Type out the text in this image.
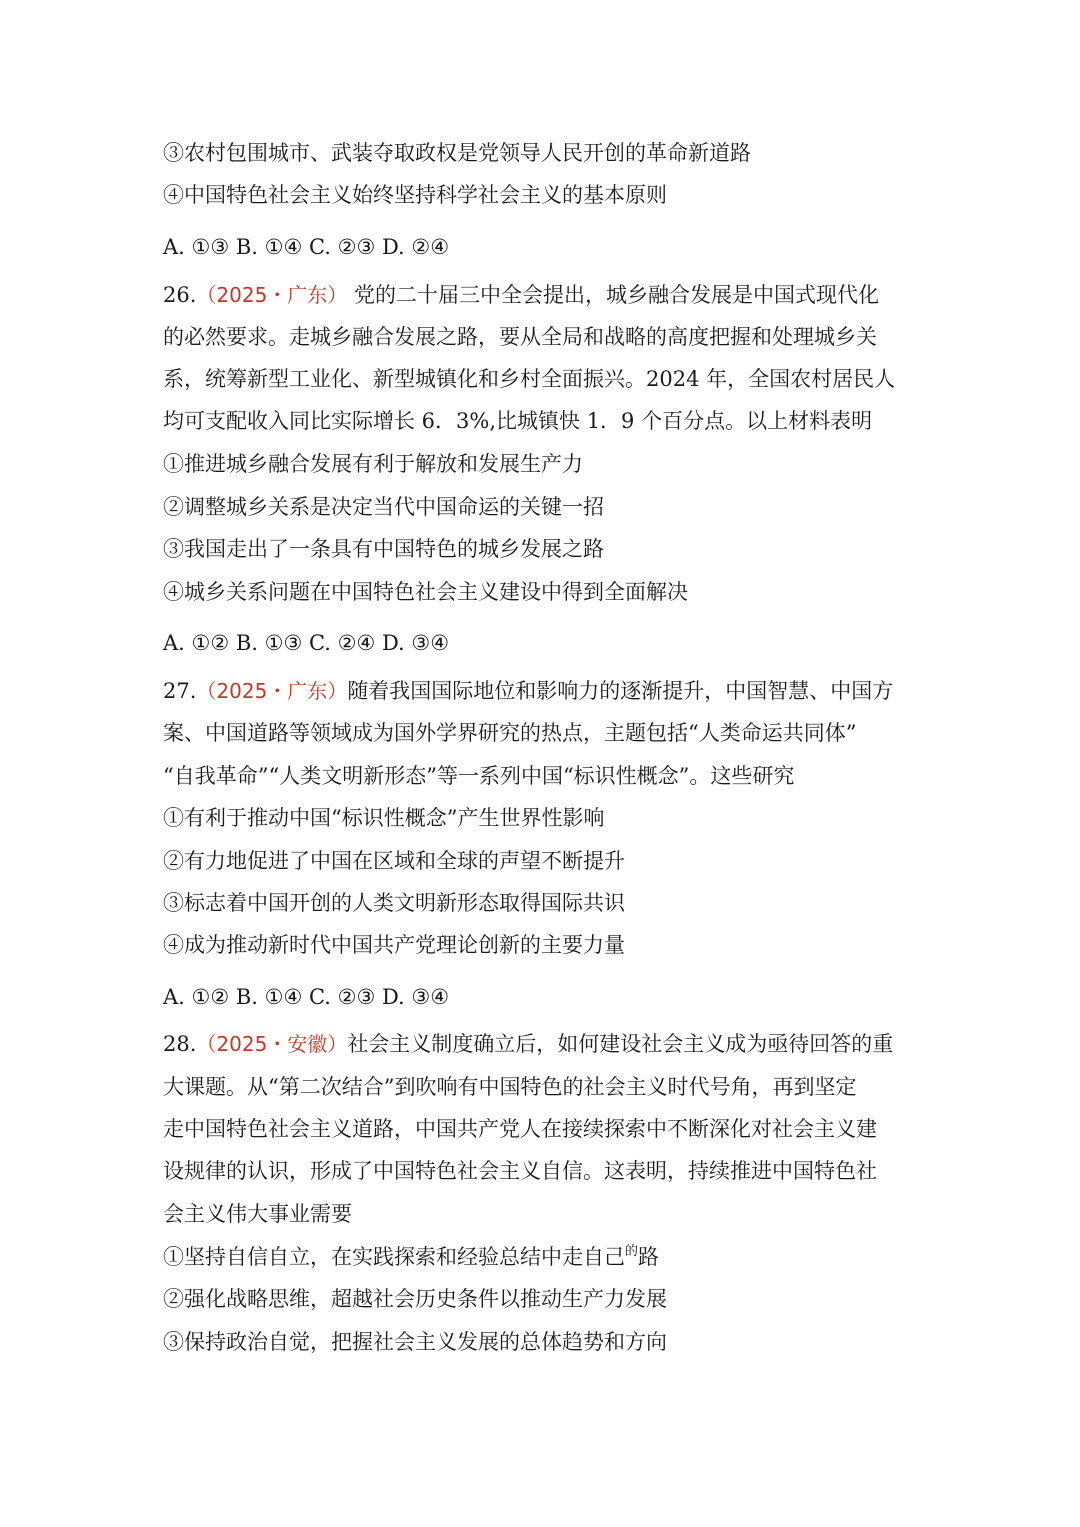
③农村包围城市、武装夺取政权是党领导人民开创的革命新道路
④中国特色社会主义始终坚持科学社会主义的基本原则
A. ①③ B. ①④ C. ②③ D. ②④
26.（2025・广东） 党的二十届三中全会提出，城乡融合发展是中国式现代化
的必然要求。走城乡融合发展之路，要从全局和战略的高度把握和处理城乡关
系，统筹新型工业化、新型城镇化和乡村全面振兴。2024 年，全国农村居民人
均可支配收入同比实际增长 6．3%,比城镇快 1．9 个百分点。以上材料表明
①推进城乡融合发展有利于解放和发展生产力
②调整城乡关系是决定当代中国命运的关键一招
③我国走出了一条具有中国特色的城乡发展之路
④城乡关系问题在中国特色社会主义建设中得到全面解决
A. ①② B. ①③ C. ②④ D. ③④
27.（2025・广东）随着我国国际地位和影响力的逐渐提升，中国智慧、中国方
案、中国道路等领域成为国外学界研究的热点，主题包括“人类命运共同体”
“自我革命”“人类文明新形态”等一系列中国“标识性概念”。这些研究
①有利于推动中国“标识性概念”产生世界性影响
②有力地促进了中国在区域和全球的声望不断提升
③标志着中国开创的人类文明新形态取得国际共识
④成为推动新时代中国共产党理论创新的主要力量
A. ①② B. ①④ C. ②③ D. ③④
28.（2025・安徽）社会主义制度确立后，如何建设社会主义成为亟待回答的重
大课题。从“第二次结合”到吹响有中国特色的社会主义时代号角，再到坚定
走中国特色社会主义道路，中国共产党人在接续探索中不断深化对社会主义建
设规律的认识，形成了中国特色社会主义自信。这表明，持续推进中国特色社
会主义伟大事业需要
①坚持自信自立，在实践探索和经验总结中走自己$^的$路
②强化战略思维，超越社会历史条件以推动生产力发展
③保持政治自觉，把握社会主义发展的总体趋势和方向
